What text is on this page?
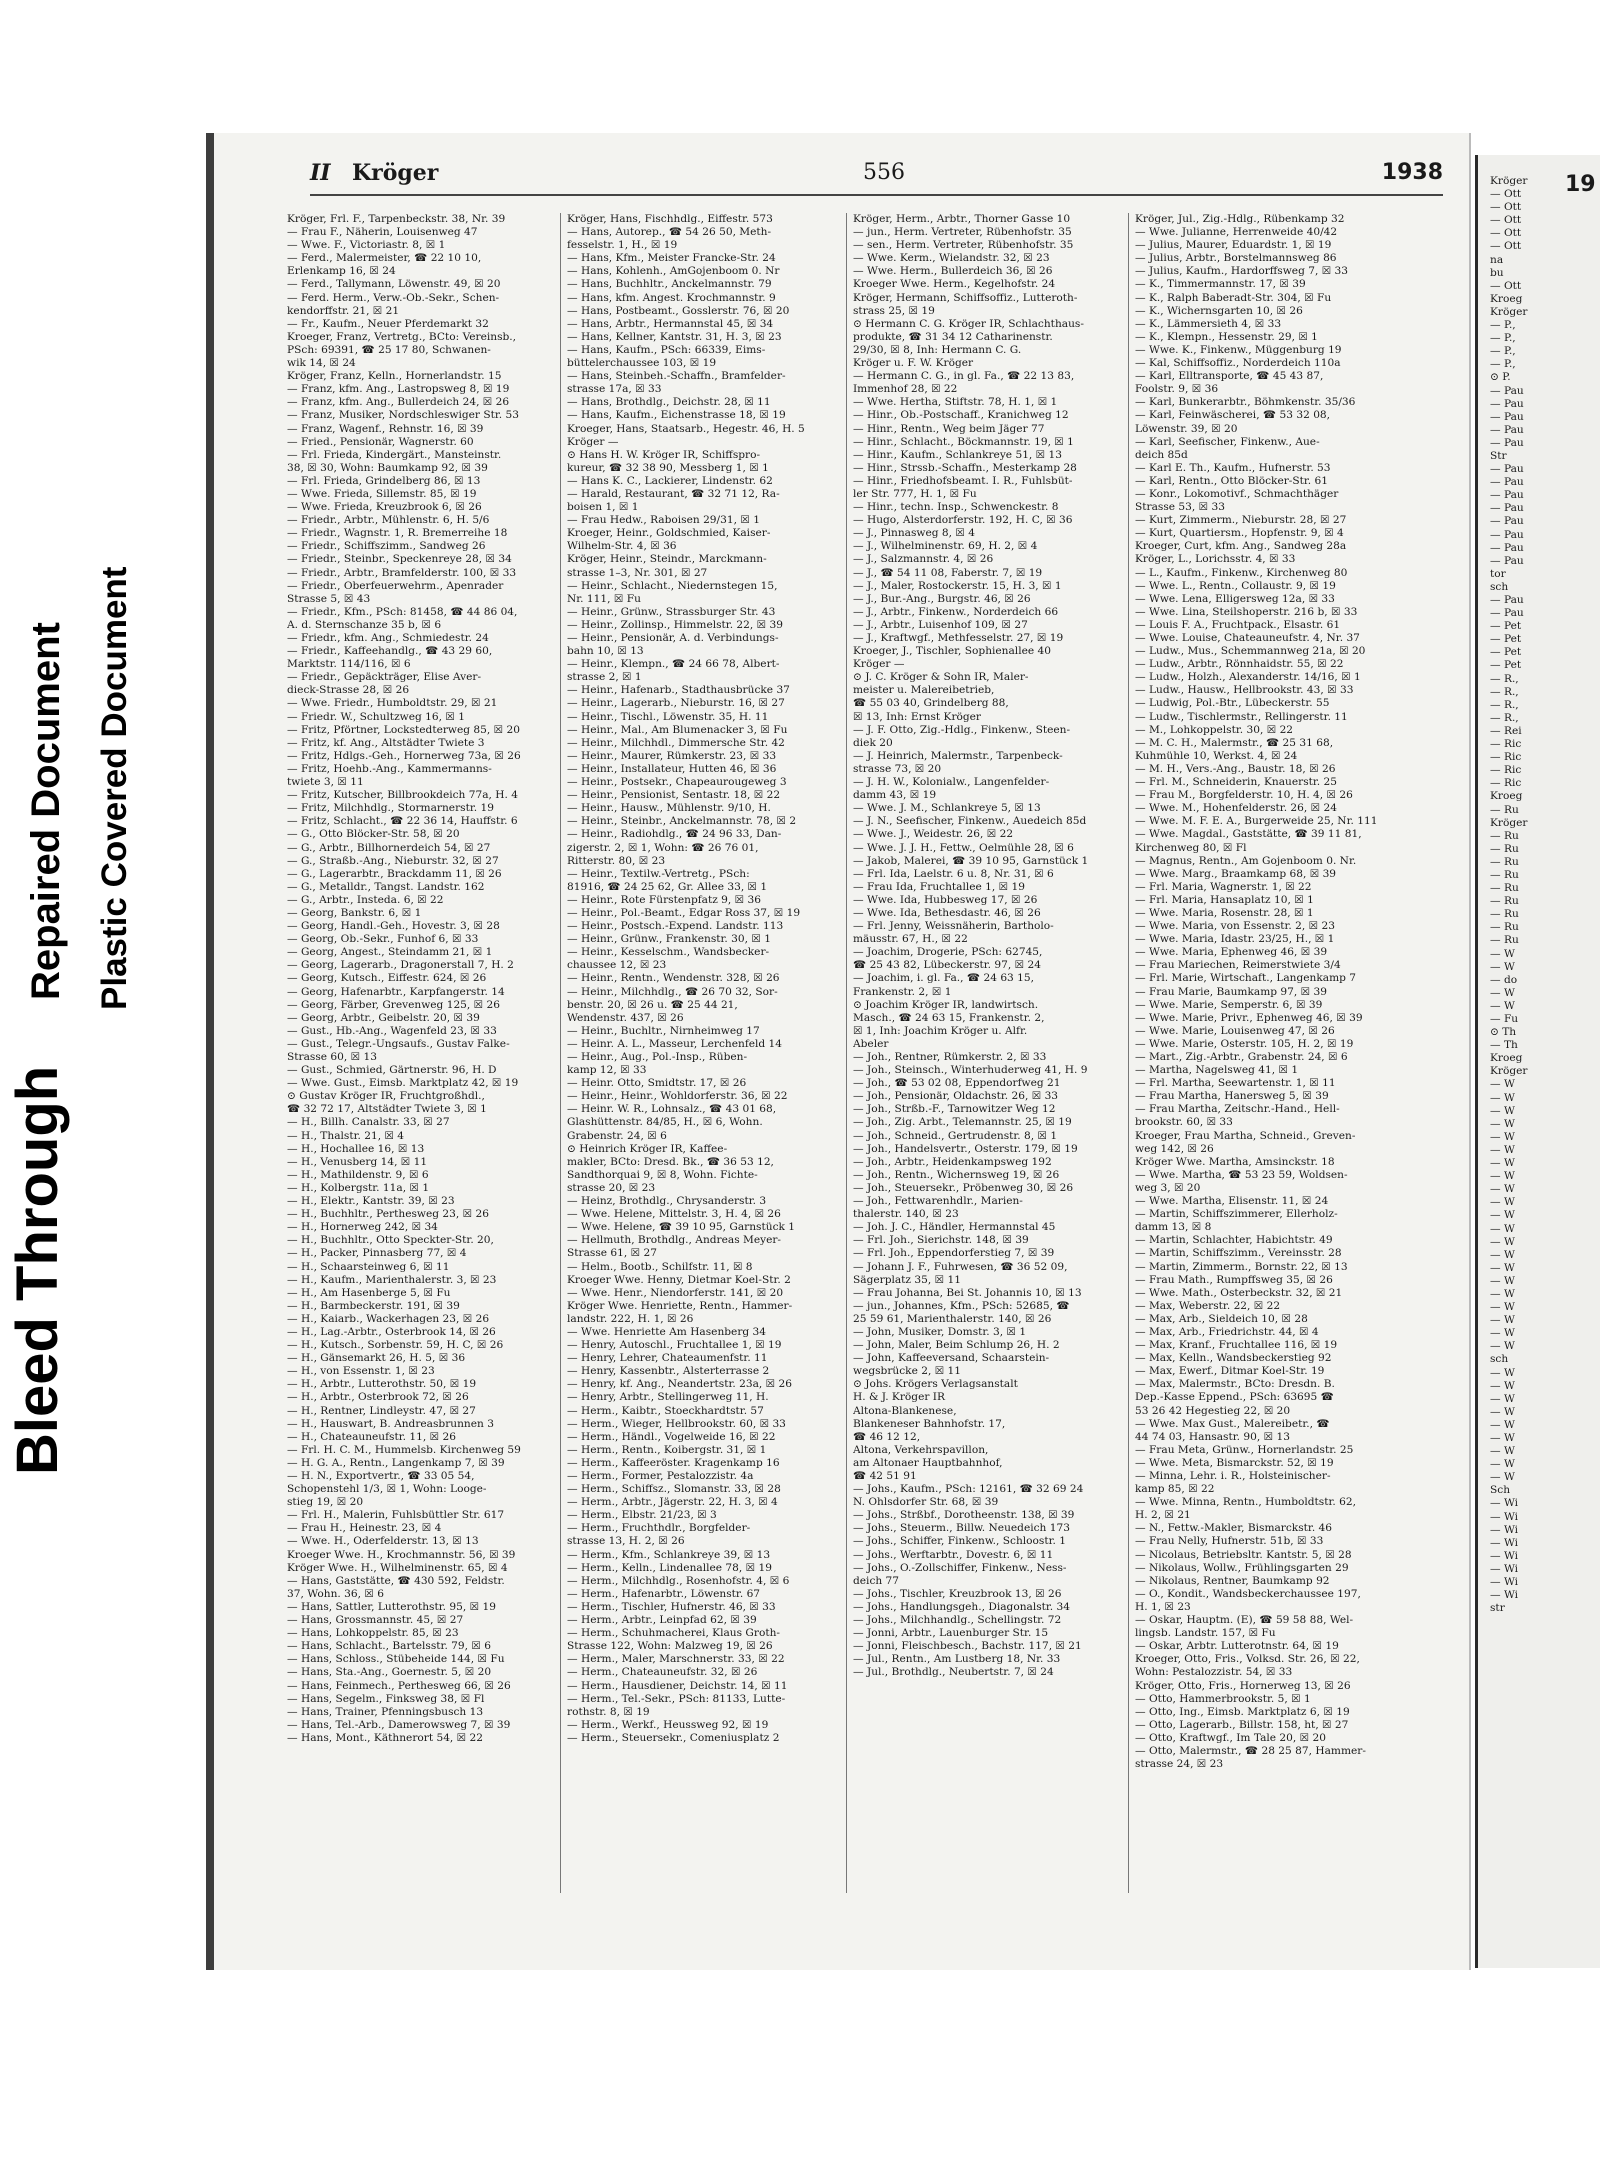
Bleed Through
Repaired Document Plastic Covered Document
II Kröger	556	1938

Kröger, Frl. F., Tarpenbeckstr. 38, Nr. 39

— Frau F., Näherin, Louisenweg 47

— Wwe. F., Victoriastr. 8, ☒ 1

— Ferd., Malermeister, ☎ 22 10 10,

Erlenkamp 16, ☒ 24

— Ferd., Tallymann, Löwenstr. 49, ☒ 20

— Ferd. Herm., Verw.-Ob.-Sekr., Schen-

kendorffstr. 21, ☒ 21

— Fr., Kaufm., Neuer Pferdemarkt 32

Kroeger, Franz, Vertretg., BCto: Vereinsb.,

PSch: 69391, ☎ 25 17 80, Schwanen-

wik 14, ☒ 24

Kröger, Franz, Kelln., Hornerlandstr. 15

— Franz, kfm. Ang., Lastropsweg 8, ☒ 19

— Franz, kfm. Ang., Bullerdeich 24, ☒ 26

— Franz, Musiker, Nordschleswiger Str. 53

— Franz, Wagenf., Rehnstr. 16, ☒ 39

— Fried., Pensionär, Wagnerstr. 60

— Frl. Frieda, Kindergärt., Mansteinstr.

38, ☒ 30, Wohn: Baumkamp 92, ☒ 39

— Frl. Frieda, Grindelberg 86, ☒ 13

— Wwe. Frieda, Sillemstr. 85, ☒ 19

— Wwe. Frieda, Kreuzbrook 6, ☒ 26

— Friedr., Arbtr., Mühlenstr. 6, H. 5/6

— Friedr., Wagnstr. 1, R. Bremerreihe 18

— Friedr., Schiffszimm., Sandweg 26

— Friedr., Steinbr., Speckenreye 28, ☒ 34

— Friedr., Arbtr., Bramfelderstr. 100, ☒ 33

— Friedr., Oberfeuerwehrm., Apenrader

Strasse 5, ☒ 43

— Friedr., Kfm., PSch: 81458, ☎ 44 86 04,

A. d. Sternschanze 35 b, ☒ 6

— Friedr., kfm. Ang., Schmiedestr. 24

— Friedr., Kaffeehandlg., ☎ 43 29 60,

Marktstr. 114/116, ☒ 6

— Friedr., Gepäckträger, Elise Aver-

dieck-Strasse 28, ☒ 26

— Wwe. Friedr., Humboldtstr. 29, ☒ 21

— Friedr. W., Schultzweg 16, ☒ 1

— Fritz, Pförtner, Lockstedterweg 85, ☒ 20

— Fritz, kf. Ang., Altstädter Twiete 3

— Fritz, Hdlgs.-Geh., Hornerweg 73a, ☒ 26

— Fritz, Hoehb.-Ang., Kammermanns-

twiete 3, ☒ 11

— Fritz, Kutscher, Billbrookdeich 77a, H. 4

— Fritz, Milchhdlg., Stormarnerstr. 19

— Fritz, Schlacht., ☎ 22 36 14, Hauffstr. 6

— G., Otto Blöcker-Str. 58, ☒ 20

— G., Arbtr., Billhornerdeich 54, ☒ 27

— G., Straßb.-Ang., Nieburstr. 32, ☒ 27

— G., Lagerarbtr., Brackdamm 11, ☒ 26

— G., Metalldr., Tangst. Landstr. 162

— G., Arbtr., Insteda. 6, ☒ 22

— Georg, Bankstr. 6, ☒ 1

— Georg, Handl.-Geh., Hovestr. 3, ☒ 28

— Georg, Ob.-Sekr., Funhof 6, ☒ 33

— Georg, Angest., Steindamm 21, ☒ 1

— Georg, Lagerarb., Dragonerstall 7, H. 2

— Georg, Kutsch., Eiffestr. 624, ☒ 26

— Georg, Hafenarbtr., Karpfangerstr. 14

— Georg, Färber, Grevenweg 125, ☒ 26

— Georg, Arbtr., Geibelstr. 20, ☒ 39

— Gust., Hb.-Ang., Wagenfeld 23, ☒ 33

— Gust., Telegr.-Ungsaufs., Gustav Falke-

Strasse 60, ☒ 13

— Gust., Schmied, Gärtnerstr. 96, H. D

— Wwe. Gust., Eimsb. Marktplatz 42, ☒ 19

⊙ Gustav Kröger IR, Fruchtgroßhdl.,

☎ 32 72 17, Altstädter Twiete 3, ☒ 1

— H., Billh. Canalstr. 33, ☒ 27

— H., Thalstr. 21, ☒ 4

— H., Hochallee 16, ☒ 13

— H., Venusberg 14, ☒ 11

— H., Mathildenstr. 9, ☒ 6

— H., Kolbergstr. 11a, ☒ 1

— H., Elektr., Kantstr. 39, ☒ 23

— H., Buchhltr., Perthesweg 23, ☒ 26

— H., Hornerweg 242, ☒ 34

— H., Buchhltr., Otto Speckter-Str. 20,

— H., Packer, Pinnasberg 77, ☒ 4

— H., Schaarsteinweg 6, ☒ 11

— H., Kaufm., Marienthalerstr. 3, ☒ 23

— H., Am Hasenberge 5, ☒ Fu

— H., Barmbeckerstr. 191, ☒ 39

— H., Kaiarb., Wackerhagen 23, ☒ 26

— H., Lag.-Arbtr., Osterbrook 14, ☒ 26

— H., Kutsch., Sorbenstr. 59, H. C, ☒ 26

— H., Gänsemarkt 26, H. 5, ☒ 36

— H., von Essenstr. 1, ☒ 23

— H., Arbtr., Lutterothstr. 50, ☒ 19

— H., Arbtr., Osterbrook 72, ☒ 26

— H., Rentner, Lindleystr. 47, ☒ 27

— H., Hauswart, B. Andreasbrunnen 3

— H., Chateauneufstr. 11, ☒ 26

— Frl. H. C. M., Hummelsb. Kirchenweg 59

— H. G. A., Rentn., Langenkamp 7, ☒ 39

— H. N., Exportvertr., ☎ 33 05 54,

Schopenstehl 1/3, ☒ 1, Wohn: Looge-

stieg 19, ☒ 20

— Frl. H., Malerin, Fuhlsbüttler Str. 617

— Frau H., Heinestr. 23, ☒ 4

— Wwe. H., Oderfelderstr. 13, ☒ 13

Kroeger Wwe. H., Krochmannstr. 56, ☒ 39

Kröger Wwe. H., Wilhelminenstr. 65, ☒ 4

— Hans, Gaststätte, ☎ 430 592, Feldstr.

37, Wohn. 36, ☒ 6

— Hans, Sattler, Lutterothstr. 95, ☒ 19

— Hans, Grossmannstr. 45, ☒ 27

— Hans, Lohkoppelstr. 85, ☒ 23

— Hans, Schlacht., Bartelsstr. 79, ☒ 6

— Hans, Schloss., Stübeheide 144, ☒ Fu

— Hans, Sta.-Ang., Goernestr. 5, ☒ 20

— Hans, Feinmech., Perthesweg 66, ☒ 26

— Hans, Segelm., Finksweg 38, ☒ Fl

— Hans, Trainer, Pfenningsbusch 13

— Hans, Tel.-Arb., Damerowsweg 7, ☒ 39

— Hans, Mont., Käthnerort 54, ☒ 22

Kröger, Hans, Fischhdlg., Eiffestr. 573

— Hans, Autorep., ☎ 54 26 50, Meth-

fesselstr. 1, H., ☒ 19

— Hans, Kfm., Meister Francke-Str. 24

— Hans, Kohlenh., AmGojenboom 0. Nr

— Hans, Buchhltr., Anckelmannstr. 79

— Hans, kfm. Angest. Krochmannstr. 9

— Hans, Postbeamt., Gosslerstr. 76, ☒ 20

— Hans, Arbtr., Hermannstal 45, ☒ 34

— Hans, Kellner, Kantstr. 31, H. 3, ☒ 23

— Hans, Kaufm., PSch: 66339, Eims-

büttelerchaussee 103, ☒ 19

— Hans, Steinbeh.-Schaffn., Bramfelder-

strasse 17a, ☒ 33

— Hans, Brothdlg., Deichstr. 28, ☒ 11

— Hans, Kaufm., Eichenstrasse 18, ☒ 19

Kroeger, Hans, Staatsarb., Hegestr. 46, H. 5

Kröger —

⊙ Hans H. W. Kröger IR, Schiffspro-

kureur, ☎ 32 38 90, Messberg 1, ☒ 1

— Hans K. C., Lackierer, Lindenstr. 62

— Harald, Restaurant, ☎ 32 71 12, Ra-

boisen 1, ☒ 1

— Frau Hedw., Raboisen 29/31, ☒ 1

Kroeger, Heinr., Goldschmied, Kaiser-

Wilhelm-Str. 4, ☒ 36

Kröger, Heinr., Steindr., Marckmann-

strasse 1–3, Nr. 301, ☒ 27

— Heinr., Schlacht., Niedernstegen 15,

Nr. 111, ☒ Fu

— Heinr., Grünw., Strassburger Str. 43

— Heinr., Zollinsp., Himmelstr. 22, ☒ 39

— Heinr., Pensionär, A. d. Verbindungs-

bahn 10, ☒ 13

— Heinr., Klempn., ☎ 24 66 78, Albert-

strasse 2, ☒ 1

— Heinr., Hafenarb., Stadthausbrücke 37

— Heinr., Lagerarb., Nieburstr. 16, ☒ 27

— Heinr., Tischl., Löwenstr. 35, H. 11

— Heinr., Mal., Am Blumenacker 3, ☒ Fu

— Heinr., Milchhdl., Dimmersche Str. 42

— Heinr., Maurer, Rümkerstr. 23, ☒ 33

— Heinr., Installateur, Hutten 46, ☒ 36

— Heinr., Postsekr., Chapeaurougeweg 3

— Heinr., Pensionist, Sentastr. 18, ☒ 22

— Heinr., Hausw., Mühlenstr. 9/10, H.

— Heinr., Steinbr., Anckelmannstr. 78, ☒ 2

— Heinr., Radiohdlg., ☎ 24 96 33, Dan-

zigerstr. 2, ☒ 1, Wohn: ☎ 26 76 01,

Ritterstr. 80, ☒ 23

— Heinr., Textilw.-Vertretg., PSch:

81916, ☎ 24 25 62, Gr. Allee 33, ☒ 1

— Heinr., Rote Fürstenpfatz 9, ☒ 36

— Heinr., Pol.-Beamt., Edgar Ross 37, ☒ 19

— Heinr., Postsch.-Expend. Landstr. 113

— Heinr., Grünw., Frankenstr. 30, ☒ 1

— Heinr., Kesselschm., Wandsbecker-

chaussee 12, ☒ 23

— Heinr., Rentn., Wendenstr. 328, ☒ 26

— Heinr., Milchhdlg., ☎ 26 70 32, Sor-

benstr. 20, ☒ 26 u. ☎ 25 44 21,

Wendenstr. 437, ☒ 26

— Heinr., Buchltr., Nirnheimweg 17

— Heinr. A. L., Masseur, Lerchenfeld 14

— Heinr., Aug., Pol.-Insp., Rüben-

kamp 12, ☒ 33

— Heinr. Otto, Smidtstr. 17, ☒ 26

— Heinr., Heinr., Wohldorferstr. 36, ☒ 22

— Heinr. W. R., Lohnsalz., ☎ 43 01 68,

Glashüttenstr. 84/85, H., ☒ 6, Wohn.

Grabenstr. 24, ☒ 6

⊙ Heinrich Kröger IR, Kaffee-

makler, BCto: Dresd. Bk., ☎ 36 53 12,

Sandthorquai 9, ☒ 8, Wohn. Fichte-

strasse 20, ☒ 23

— Heinz, Brothdlg., Chrysanderstr. 3

— Wwe. Helene, Mittelstr. 3, H. 4, ☒ 26

— Wwe. Helene, ☎ 39 10 95, Garnstück 1

— Hellmuth, Brothdlg., Andreas Meyer-

Strasse 61, ☒ 27

— Helm., Bootb., Schilfstr. 11, ☒ 8

Kroeger Wwe. Henny, Dietmar Koel-Str. 2

— Wwe. Henr., Niendorferstr. 141, ☒ 20

Kröger Wwe. Henriette, Rentn., Hammer-

landstr. 222, H. 1, ☒ 26

— Wwe. Henriette Am Hasenberg 34

— Henry, Autoschl., Fruchtallee 1, ☒ 19

— Henry, Lehrer, Chateaumenfstr. 11

— Henry, Kassenbtr., Alsterterrasse 2

— Henry, kf. Ang., Neandertstr. 23a, ☒ 26

— Henry, Arbtr., Stellingerweg 11, H.

— Herm., Kaibtr., Stoeckhardtstr. 57

— Herm., Wieger, Hellbrookstr. 60, ☒ 33

— Herm., Händl., Vogelweide 16, ☒ 22

— Herm., Rentn., Koibergstr. 31, ☒ 1

— Herm., Kaffeeröster. Kragenkamp 16

— Herm., Former, Pestalozzistr. 4a

— Herm., Schiffsz., Slomanstr. 33, ☒ 28

— Herm., Arbtr., Jägerstr. 22, H. 3, ☒ 4

— Herm., Elbstr. 21/23, ☒ 3

— Herm., Fruchthdlr., Borgfelder-

strasse 13, H. 2, ☒ 26

— Herm., Kfm., Schlankreye 39, ☒ 13

— Herm., Kelln., Lindenallee 78, ☒ 19

— Herm., Milchhdlg., Rosenhofstr. 4, ☒ 6

— Herm., Hafenarbtr., Löwenstr. 67

— Herm., Tischler, Hufnerstr. 46, ☒ 33

— Herm., Arbtr., Leinpfad 62, ☒ 39

— Herm., Schuhmacherei, Klaus Groth-

Strasse 122, Wohn: Malzweg 19, ☒ 26

— Herm., Maler, Marschnerstr. 33, ☒ 22

— Herm., Chateauneufstr. 32, ☒ 26

— Herm., Hausdiener, Deichstr. 14, ☒ 11

— Herm., Tel.-Sekr., PSch: 81133, Lutte-

rothstr. 8, ☒ 19

— Herm., Werkf., Heussweg 92, ☒ 19

— Herm., Steuersekr., Comeniusplatz 2

Kröger, Herm., Arbtr., Thorner Gasse 10

— jun., Herm. Vertreter, Rübenhofstr. 35

— sen., Herm. Vertreter, Rübenhofstr. 35

— Wwe. Kerm., Wielandstr. 32, ☒ 23

— Wwe. Herm., Bullerdeich 36, ☒ 26

Kroeger Wwe. Herm., Kegelhofstr. 24

Kröger, Hermann, Schiffsoffiz., Lutteroth-

strass 25, ☒ 19

⊙ Hermann C. G. Kröger IR, Schlachthaus-

produkte, ☎ 31 34 12 Catharinenstr.

29/30, ☒ 8, Inh: Hermann C. G.

Kröger u. F. W. Kröger

— Hermann C. G., in gl. Fa., ☎ 22 13 83,

Immenhof 28, ☒ 22

— Wwe. Hertha, Stiftstr. 78, H. 1, ☒ 1

— Hinr., Ob.-Postschaff., Kranichweg 12

— Hinr., Rentn., Weg beim Jäger 77

— Hinr., Schlacht., Böckmannstr. 19, ☒ 1

— Hinr., Kaufm., Schlankreye 51, ☒ 13

— Hinr., Strssb.-Schaffn., Mesterkamp 28

— Hinr., Friedhofsbeamt. I. R., Fuhlsbüt-

ler Str. 777, H. 1, ☒ Fu

— Hinr., techn. Insp., Schwenckestr. 8

— Hugo, Alsterdorferstr. 192, H. C, ☒ 36

— J., Pinnasweg 8, ☒ 4

— J., Wilhelminenstr. 69, H. 2, ☒ 4

— J., Salzmannstr. 4, ☒ 26

— J., ☎ 54 11 08, Faberstr. 7, ☒ 19

— J., Maler, Rostockerstr. 15, H. 3, ☒ 1

— J., Bur.-Ang., Burgstr. 46, ☒ 26

— J., Arbtr., Finkenw., Norderdeich 66

— J., Arbtr., Luisenhof 109, ☒ 27

— J., Kraftwgf., Methfesselstr. 27, ☒ 19

Kroeger, J., Tischler, Sophienallee 40

Kröger —

⊙ J. C. Kröger & Sohn IR, Maler-

meister u. Malereibetrieb,

☎ 55 03 40, Grindelberg 88,

☒ 13, Inh: Ernst Kröger

— J. F. Otto, Zig.-Hdlg., Finkenw., Steen-

diek 20

— J. Heinrich, Malermstr., Tarpenbeck-

strasse 73, ☒ 20

— J. H. W., Kolonialw., Langenfelder-

damm 43, ☒ 19

— Wwe. J. M., Schlankreye 5, ☒ 13

— J. N., Seefischer, Finkenw., Auedeich 85d

— Wwe. J., Weidestr. 26, ☒ 22

— Wwe. J. J. H., Fettw., Oelmühle 28, ☒ 6

— Jakob, Malerei, ☎ 39 10 95, Garnstück 1

— Frl. Ida, Laelstr. 6 u. 8, Nr. 31, ☒ 6

— Frau Ida, Fruchtallee 1, ☒ 19

— Wwe. Ida, Hubbesweg 17, ☒ 26

— Wwe. Ida, Bethesdastr. 46, ☒ 26

— Frl. Jenny, Weissnäherin, Bartholo-

mäusstr. 67, H., ☒ 22

— Joachim, Drogerie, PSch: 62745,

☎ 25 43 82, Lübeckerstr. 97, ☒ 24

— Joachim, i. gl. Fa., ☎ 24 63 15,

Frankenstr. 2, ☒ 1

⊙ Joachim Kröger IR, landwirtsch.

Masch., ☎ 24 63 15, Frankenstr. 2,

☒ 1, Inh: Joachim Kröger u. Alfr.

Abeler

— Joh., Rentner, Rümkerstr. 2, ☒ 33

— Joh., Steinsch., Winterhuderweg 41, H. 9

— Joh., ☎ 53 02 08, Eppendorfweg 21

— Joh., Pensionär, Oldachstr. 26, ☒ 33

— Joh., Strßb.-F., Tarnowitzer Weg 12

— Joh., Zig. Arbt., Telemannstr. 25, ☒ 19

— Joh., Schneid., Gertrudenstr. 8, ☒ 1

— Joh., Handelsvertr., Osterstr. 179, ☒ 19

— Joh., Arbtr., Heidenkampsweg 192

— Joh., Rentn., Wichernsweg 19, ☒ 26

— Joh., Steuersekr., Pröbenweg 30, ☒ 26

— Joh., Fettwarenhdlr., Marien-

thalerstr. 140, ☒ 23

— Joh. J. C., Händler, Hermannstal 45

— Frl. Joh., Sierichstr. 148, ☒ 39

— Frl. Joh., Eppendorferstieg 7, ☒ 39

— Johann J. F., Fuhrwesen, ☎ 36 52 09,

Sägerplatz 35, ☒ 11

— Frau Johanna, Bei St. Johannis 10, ☒ 13

— jun., Johannes, Kfm., PSch: 52685, ☎

25 59 61, Marienthalerstr. 140, ☒ 26

— John, Musiker, Domstr. 3, ☒ 1

— John, Maler, Beim Schlump 26, H. 2

— John, Kaffeeversand, Schaarstein-

wegsbrücke 2, ☒ 11

⊙ Johs. Krögers Verlagsanstalt

H. & J. Kröger IR

Altona-Blankenese,

Blankeneser Bahnhofstr. 17,

☎ 46 12 12,

Altona, Verkehrspavillon,

am Altonaer Hauptbahnhof,

☎ 42 51 91

— Johs., Kaufm., PSch: 12161, ☎ 32 69 24

N. Ohlsdorfer Str. 68, ☒ 39

— Johs., Strßbf., Dorotheenstr. 138, ☒ 39

— Johs., Steuerm., Billw. Neuedeich 173

— Johs., Schiffer, Finkenw., Schloostr. 1

— Johs., Werftarbtr., Dovestr. 6, ☒ 11

— Johs., O.-Zollschiffer, Finkenw., Ness-

deich 77

— Johs., Tischler, Kreuzbrook 13, ☒ 26

— Johs., Handlungsgeh., Diagonalstr. 34

— Johs., Milchhandlg., Schellingstr. 72

— Jonni, Arbtr., Lauenburger Str. 15

— Jonni, Fleischbesch., Bachstr. 117, ☒ 21

— Jul., Rentn., Am Lustberg 18, Nr. 33

— Jul., Brothdlg., Neubertstr. 7, ☒ 24

Kröger, Jul., Zig.-Hdlg., Rübenkamp 32

— Wwe. Julianne, Herrenweide 40/42

— Julius, Maurer, Eduardstr. 1, ☒ 19

— Julius, Arbtr., Borstelmannsweg 86

— Julius, Kaufm., Hardorffsweg 7, ☒ 33

— K., Timmermannstr. 17, ☒ 39

— K., Ralph Baberadt-Str. 304, ☒ Fu

— K., Wichernsgarten 10, ☒ 26

— K., Lämmersieth 4, ☒ 33

— K., Klempn., Hessenstr. 29, ☒ 1

— Wwe. K., Finkenw., Müggenburg 19

— Kal, Schiffsoffiz., Norderdeich 110a

— Karl, Elltransporte, ☎ 45 43 87,

Foolstr. 9, ☒ 36

— Karl, Bunkerarbtr., Böhmkenstr. 35/36

— Karl, Feinwäscherei, ☎ 53 32 08,

Löwenstr. 39, ☒ 20

— Karl, Seefischer, Finkenw., Aue-

deich 85d

— Karl E. Th., Kaufm., Hufnerstr. 53

— Karl, Rentn., Otto Blöcker-Str. 61

— Konr., Lokomotivf., Schmachthäger

Strasse 53, ☒ 33

— Kurt, Zimmerm., Nieburstr. 28, ☒ 27

— Kurt, Quartiersm., Hopfenstr. 9, ☒ 4

Kroeger, Curt, kfm. Ang., Sandweg 28a

Kröger, L., Lorichsstr. 4, ☒ 33

— L., Kaufm., Finkenw., Kirchenweg 80

— Wwe. L., Rentn., Collaustr. 9, ☒ 19

— Wwe. Lena, Elligersweg 12a, ☒ 33

— Wwe. Lina, Steilshoperstr. 216 b, ☒ 33

— Louis F. A., Fruchtpack., Elsastr. 61

— Wwe. Louise, Chateauneufstr. 4, Nr. 37

— Ludw., Mus., Schemmannweg 21a, ☒ 20

— Ludw., Arbtr., Rönnhaidstr. 55, ☒ 22

— Ludw., Holzh., Alexanderstr. 14/16, ☒ 1

— Ludw., Hausw., Hellbrookstr. 43, ☒ 33

— Ludwig, Pol.-Btr., Lübeckerstr. 55

— Ludw., Tischlermstr., Rellingerstr. 11

— M., Lohkoppelstr. 30, ☒ 22

— M. C. H., Malermstr., ☎ 25 31 68,

Kuhmühle 10, Werkst. 4, ☒ 24

— M. H., Vers.-Ang., Baustr. 18, ☒ 26

— Frl. M., Schneiderin, Knauerstr. 25

— Frau M., Borgfelderstr. 10, H. 4, ☒ 26

— Wwe. M., Hohenfelderstr. 26, ☒ 24

— Wwe. M. F. E. A., Burgerweide 25, Nr. 111

— Wwe. Magdal., Gaststätte, ☎ 39 11 81,

Kirchenweg 80, ☒ Fl

— Magnus, Rentn., Am Gojenboom 0. Nr.

— Wwe. Marg., Braamkamp 68, ☒ 39

— Frl. Maria, Wagnerstr. 1, ☒ 22

— Frl. Maria, Hansaplatz 10, ☒ 1

— Wwe. Maria, Rosenstr. 28, ☒ 1

— Wwe. Maria, von Essenstr. 2, ☒ 23

— Wwe. Maria, Idastr. 23/25, H., ☒ 1

— Wwe. Maria, Ephenweg 46, ☒ 39

— Frau Mariechen, Reimerstwiete 3/4

— Frl. Marie, Wirtschaft., Langenkamp 7

— Frau Marie, Baumkamp 97, ☒ 39

— Wwe. Marie, Semperstr. 6, ☒ 39

— Wwe. Marie, Privr., Ephenweg 46, ☒ 39

— Wwe. Marie, Louisenweg 47, ☒ 26

— Wwe. Marie, Osterstr. 105, H. 2, ☒ 19

— Mart., Zig.-Arbtr., Grabenstr. 24, ☒ 6

— Martha, Nagelsweg 41, ☒ 1

— Frl. Martha, Seewartenstr. 1, ☒ 11

— Frau Martha, Hanersweg 5, ☒ 39

— Frau Martha, Zeitschr.-Hand., Hell-

brookstr. 60, ☒ 33

Kroeger, Frau Martha, Schneid., Greven-

weg 142, ☒ 26

Kröger Wwe. Martha, Amsinckstr. 18

— Wwe. Martha, ☎ 53 23 59, Woldsen-

weg 3, ☒ 20

— Wwe. Martha, Elisenstr. 11, ☒ 24

— Martin, Schiffszimmerer, Ellerholz-

damm 13, ☒ 8

— Martin, Schlachter, Habichtstr. 49

— Martin, Schiffszimm., Vereinsstr. 28

— Martin, Zimmerm., Bornstr. 22, ☒ 13

— Frau Math., Rumpffsweg 35, ☒ 26

— Wwe. Math., Osterbeckstr. 32, ☒ 21

— Max, Weberstr. 22, ☒ 22

— Max, Arb., Sieldeich 10, ☒ 28

— Max, Arb., Friedrichstr. 44, ☒ 4

— Max, Kranf., Fruchtallee 116, ☒ 19

— Max, Kelln., Wandsbeckerstieg 92

— Max, Ewerf., Ditmar Koel-Str. 19

— Max, Malermstr., BCto: Dresdn. B.

Dep.-Kasse Eppend., PSch: 63695 ☎

53 26 42 Hegestieg 22, ☒ 20

— Wwe. Max Gust., Malereibetr., ☎

44 74 03, Hansastr. 90, ☒ 13

— Frau Meta, Grünw., Hornerlandstr. 25

— Wwe. Meta, Bismarckstr. 52, ☒ 19

— Minna, Lehr. i. R., Holsteinischer-

kamp 85, ☒ 22

— Wwe. Minna, Rentn., Humboldtstr. 62,

H. 2, ☒ 21

— N., Fettw.-Makler, Bismarckstr. 46

— Frau Nelly, Hufnerstr. 51b, ☒ 33

— Nicolaus, Betriebsltr. Kantstr. 5, ☒ 28

— Nikolaus, Wollw., Frühlingsgarten 29

— Nikolaus, Rentner, Baumkamp 92

— O., Kondit., Wandsbeckerchaussee 197,

H. 1, ☒ 23

— Oskar, Hauptm. (E), ☎ 59 58 88, Wel-

lingsb. Landstr. 157, ☒ Fu

— Oskar, Arbtr. Lutterotnstr. 64, ☒ 19

Kroeger, Otto, Fris., Volksd. Str. 26, ☒ 22,

Wohn: Pestalozzistr. 54, ☒ 33

Kröger, Otto, Fris., Hornerweg 13, ☒ 26

— Otto, Hammerbrookstr. 5, ☒ 1

— Otto, Ing., Eimsb. Marktplatz 6, ☒ 19

— Otto, Lagerarb., Billstr. 158, ht, ☒ 27

— Otto, Kraftwgf., Im Tale 20, ☒ 20

— Otto, Malermstr., ☎ 28 25 87, Hammer-

strasse 24, ☒ 23

19

Kröger

— Ott

— Ott

— Ott

— Ott

— Ott

na

bu

— Ott

Kroeg

Kröger

— P.,

— P.,

— P.,

— P.,

⊙ P.

— Pau

— Pau

— Pau

— Pau

— Pau

Str

— Pau

— Pau

— Pau

— Pau

— Pau

— Pau

— Pau

— Pau

tor

sch

— Pau

— Pau

— Pet

— Pet

— Pet

— Pet

— R.,

— R.,

— R.,

— R.,

— Rei

— Ric

— Ric

— Ric

— Ric

Kroeg

— Ru

Kröger

— Ru

— Ru

— Ru

— Ru

— Ru

— Ru

— Ru

— Ru

— Ru

— W

— W

— do

— W

— W

— Fu

⊙ Th

— Th

Kroeg

Kröger

— W

— W

— W

— W

— W

— W

— W

— W

— W

— W

— W

— W

— W

— W

— W

— W

— W

— W

— W

— W

— W

sch

— W

— W

— W

— W

— W

— W

— W

— W

— W

Sch

— Wi

— Wi

— Wi

— Wi

— Wi

— Wi

— Wi

— Wi

str
